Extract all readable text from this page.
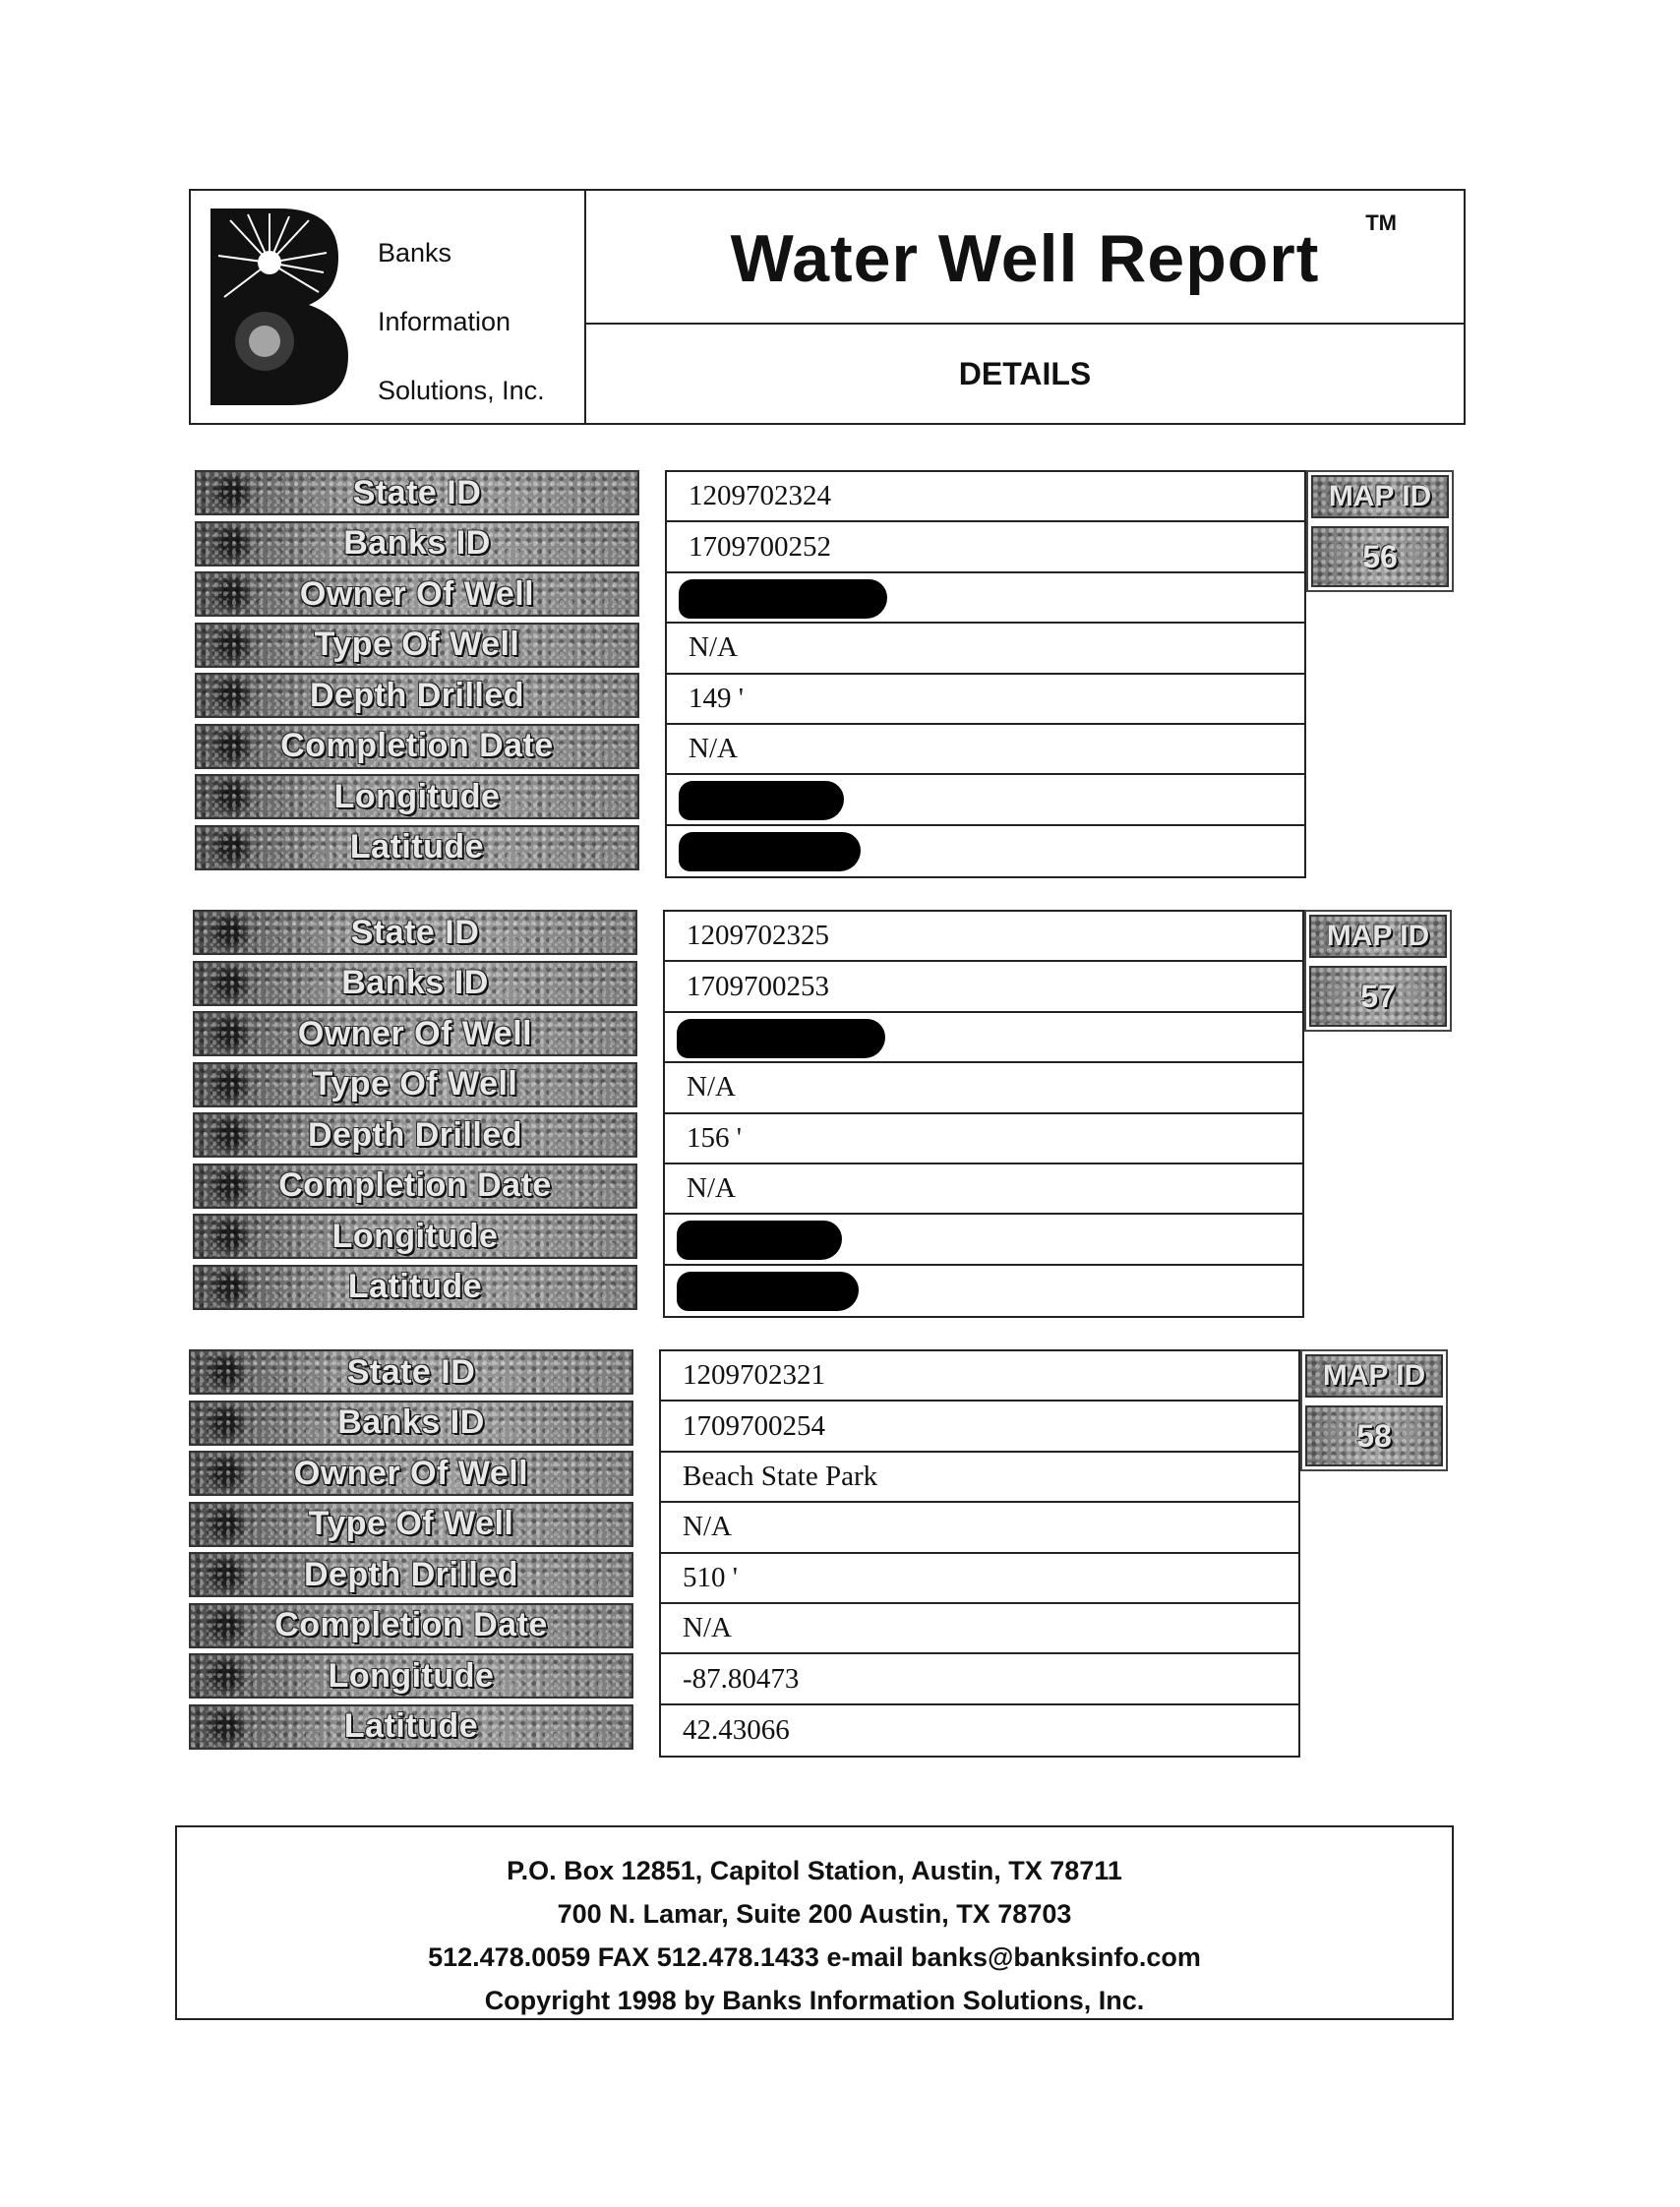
Banks
Information
Solutions, Inc.
Water Well Report	TM
DETAILS
State ID
Banks ID
Owner Of Well
Type Of Well
Depth Drilled
Completion Date
Longitude
Latitude
1209702324
1709700252
N/A
149 '
N/A
MAP ID
56
State ID
Banks ID
Owner Of Well
Type Of Well
Depth Drilled
Completion Date
Longitude
Latitude
1209702325
1709700253
N/A
156 '
N/A
MAP ID
57
State ID
Banks ID
Owner Of Well
Type Of Well
Depth Drilled
Completion Date
Longitude
Latitude
1209702321
1709700254
Beach State Park
N/A
510 '
N/A
-87.80473
42.43066
MAP ID
58
P.O. Box 12851, Capitol Station, Austin, TX 78711
700 N. Lamar, Suite 200 Austin, TX 78703
512.478.0059 FAX 512.478.1433 e-mail banks@banksinfo.com
Copyright 1998 by Banks Information Solutions, Inc.
